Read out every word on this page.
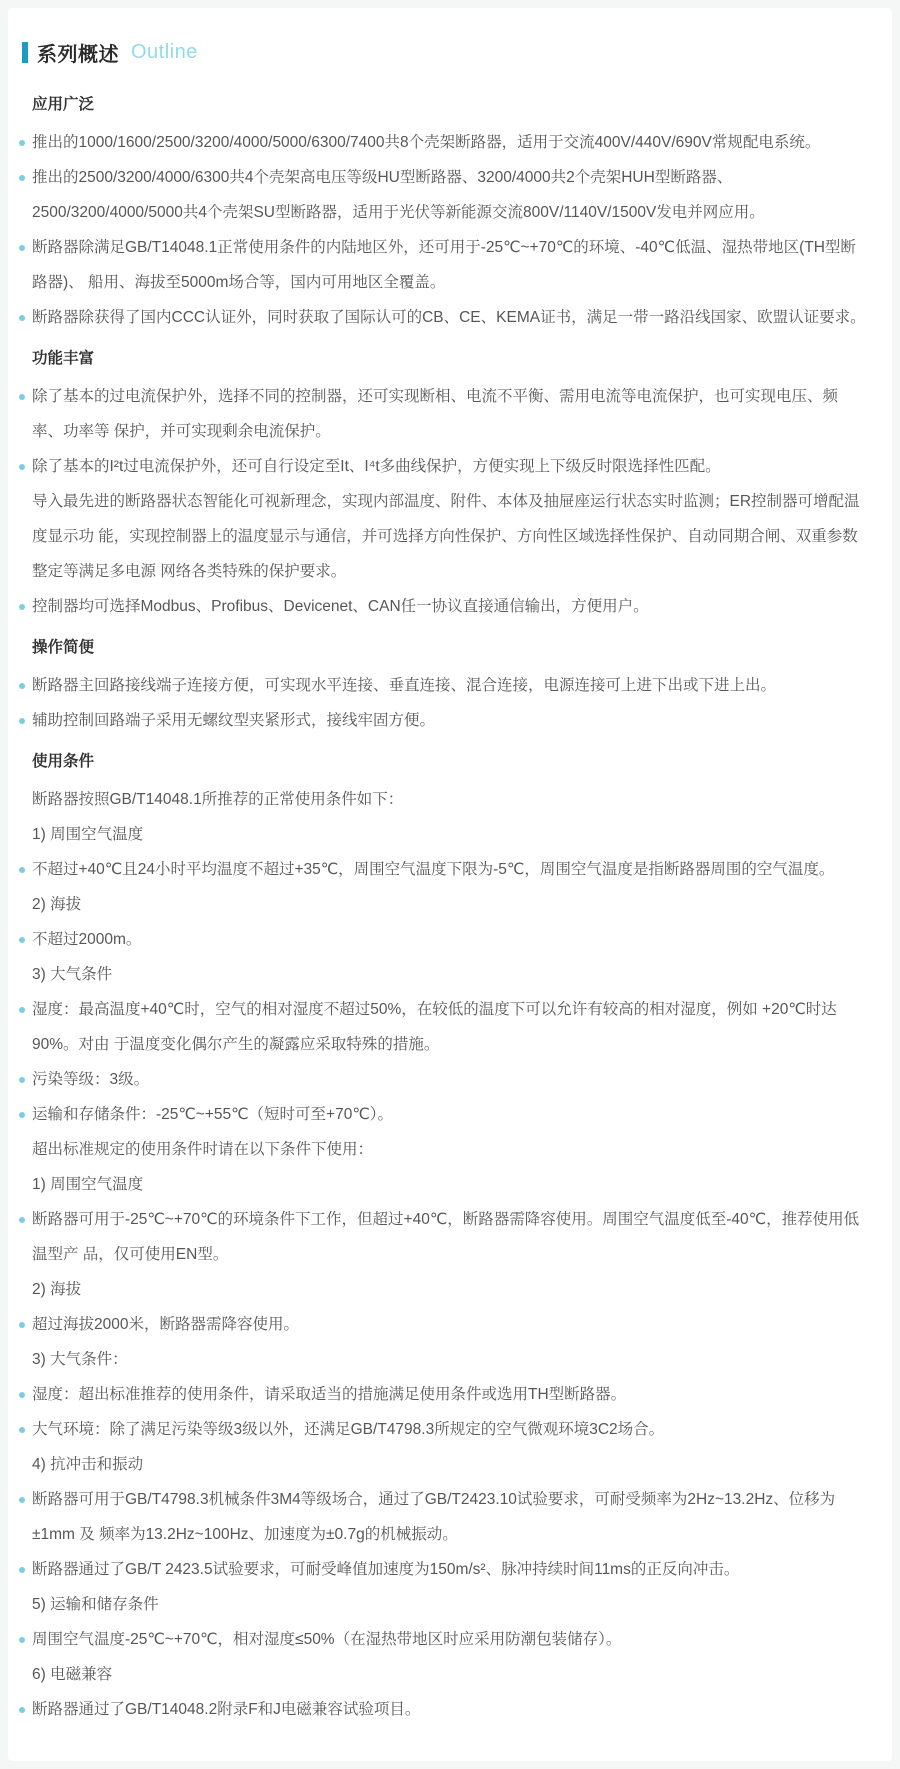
系列概述 Outline
应用广泛

推出的1000/1600/2500/3200/4000/5000/6300/7400共8个壳架断路器，适用于交流400V/440V/690V常规配电系统。

推出的2500/3200/4000/6300共4个壳架高电压等级HU型断路器、3200/4000共2个壳架HUH型断路器、 2500/3200/4000/5000共4个壳架SU型断路器，适用于光伏等新能源交流800V/1140V/1500V发电并网应用。

断路器除满足GB/T14048.1正常使用条件的内陆地区外，还可用于-25℃~+70℃的环境、-40℃低温、湿热带地区(TH型断路器)、 船用、海拔至5000m场合等，国内可用地区全覆盖。

断路器除获得了国内CCC认证外，同时获取了国际认可的CB、CE、KEMA证书，满足一带一路沿线国家、欧盟认证要求。

功能丰富

除了基本的过电流保护外，选择不同的控制器，还可实现断相、电流不平衡、需用电流等电流保护，也可实现电压、频率、功率等 保护，并可实现剩余电流保护。

除了基本的I²t过电流保护外，还可自行设定至It、I⁴t多曲线保护，方便实现上下级反时限选择性匹配。

导入最先进的断路器状态智能化可视新理念，实现内部温度、附件、本体及抽屉座运行状态实时监测；ER控制器可增配温度显示功 能，实现控制器上的温度显示与通信，并可选择方向性保护、方向性区域选择性保护、自动同期合闸、双重参数整定等满足多电源 网络各类特殊的保护要求。

控制器均可选择Modbus、Profibus、Devicenet、CAN任一协议直接通信输出，方便用户。

操作简便

断路器主回路接线端子连接方便，可实现水平连接、垂直连接、混合连接，电源连接可上进下出或下进上出。

辅助控制回路端子采用无螺纹型夹紧形式，接线牢固方便。

使用条件

断路器按照GB/T14048.1所推荐的正常使用条件如下：

1) 周围空气温度

不超过+40℃且24小时平均温度不超过+35℃，周围空气温度下限为-5℃，周围空气温度是指断路器周围的空气温度。

2) 海拔

不超过2000m。

3) 大气条件

湿度：最高温度+40℃时，空气的相对湿度不超过50%，在较低的温度下可以允许有较高的相对湿度，例如 +20℃时达 90%。对由 于温度变化偶尔产生的凝露应采取特殊的措施。

污染等级：3级。

运输和存储条件：-25℃~+55℃（短时可至+70℃）。

超出标准规定的使用条件时请在以下条件下使用：

1) 周围空气温度

断路器可用于-25℃~+70℃的环境条件下工作，但超过+40℃，断路器需降容使用。周围空气温度低至-40℃，推荐使用低温型产 品，仅可使用EN型。

2) 海拔

超过海拔2000米，断路器需降容使用。

3) 大气条件：

湿度：超出标准推荐的使用条件，请采取适当的措施满足使用条件或选用TH型断路器。

大气环境：除了满足污染等级3级以外，还满足GB/T4798.3所规定的空气微观环境3C2场合。

4) 抗冲击和振动

断路器可用于GB/T4798.3机械条件3M4等级场合，通过了GB/T2423.10试验要求，可耐受频率为2Hz~13.2Hz、位移为±1mm 及 频率为13.2Hz~100Hz、加速度为±0.7g的机械振动。

断路器通过了GB/T 2423.5试验要求，可耐受峰值加速度为150m/s²、脉冲持续时间11ms的正反向冲击。

5) 运输和储存条件

周围空气温度-25℃~+70℃，相对湿度≤50%（在湿热带地区时应采用防潮包装储存）。

6) 电磁兼容

断路器通过了GB/T14048.2附录F和J电磁兼容试验项目。
